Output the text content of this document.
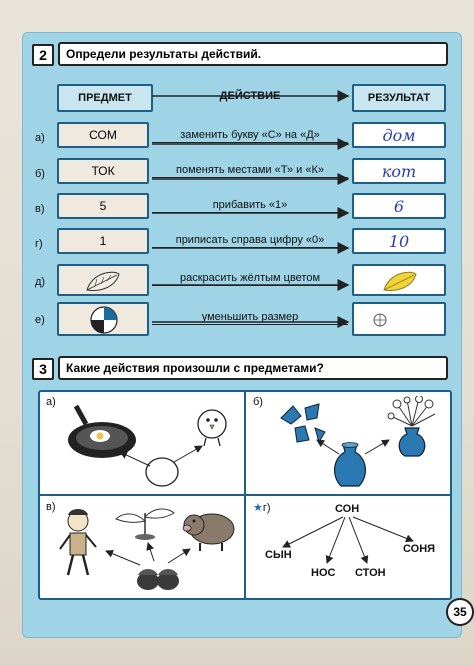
2	Определи результаты действий.
ПРЕДМЕТ	ДЕЙСТВИЕ	РЕЗУЛЬТАТ
а)	СОМ	заменить букву «С» на «Д»	дом
б)	ТОК	поменять местами «Т» и «К»	кот
в)	5	прибавить «1»	6
г)	1	приписать справа цифру «0»	10
д)	раскрасить жёлтым цветом
е)	уменьшить размер
3	Какие действия произошли с предметами?
а)	б)
в)	★г)	СОН
СЫН
НОС СТОН
СОНЯ
35
